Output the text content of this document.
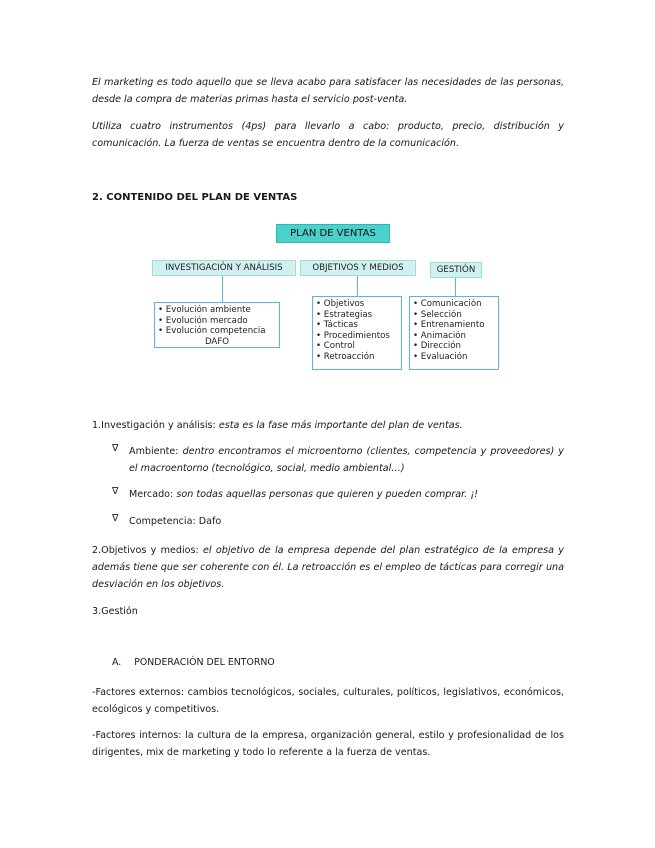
El marketing es todo aquello que se lleva acabo para satisfacer las necesidades de las personas, desde la compra de materias primas hasta el servicio post-venta.

Utiliza cuatro instrumentos (4ps) para llevarlo a cabo: producto, precio, distribución y comunicación. La fuerza de ventas se encuentra dentro de la comunicación.

2. CONTENIDO DEL PLAN DE VENTAS
PLAN DE VENTAS
INVESTIGACIÓN Y ANÁLISIS	OBJETIVOS Y MEDIOS	GESTIÓN
• Evolución ambiente
• Evolución mercado
• Evolución competencia
DAFO
• Objetivos
• Estrategias
• Tácticas
• Procedimientos
• Control
• Retroacción
• Comunicación
• Selección
• Entrenamiento
• Animación
• Dirección
• Evaluación

1.Investigación y análisis: esta es la fase más importante del plan de ventas.

∇ Ambiente: dentro encontramos el microentorno (clientes, competencia y proveedores) y el macroentorno (tecnológico, social, medio ambiental…)

∇ Mercado: son todas aquellas personas que quieren y pueden comprar. ¡!

∇ Competencia: Dafo

2.Objetivos y medios: el objetivo de la empresa depende del plan estratégico de la empresa y además tiene que ser coherente con él. La retroacción es el empleo de tácticas para corregir una desviación en los objetivos.

3.Gestión

A. PONDERACIÓN DEL ENTORNO

-Factores externos: cambios tecnológicos, sociales, culturales, políticos, legislativos, económicos, ecológicos y competitivos.

-Factores internos: la cultura de la empresa, organización general, estilo y profesionalidad de los dirigentes, mix de marketing y todo lo referente a la fuerza de ventas.
